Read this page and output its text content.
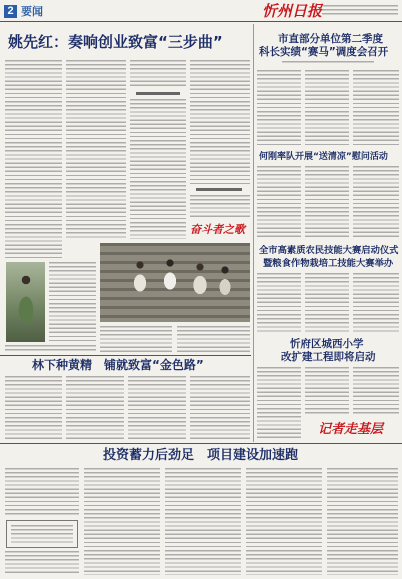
2 要闻	忻州日报
姚先红：奏响创业致富“三步曲”
奋斗者之歌
林下种黄精　铺就致富“金色路”
市直部分单位第二季度
科长实绩“赛马”调度会召开
何刚率队开展“送清凉”慰问活动
全市高素质农民技能大赛启动仪式
暨粮食作物栽培工技能大赛举办
忻府区城西小学
改扩建工程即将启动
记者走基层
投资蓄力后劲足　项目建设加速跑
